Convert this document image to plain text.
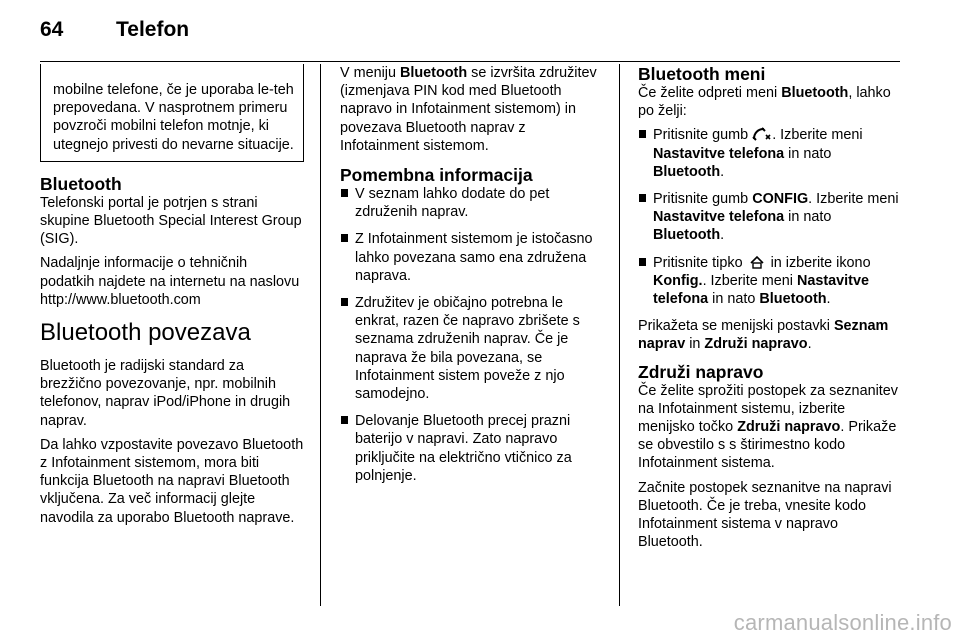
64	Telefon
mobilne telefone, če je uporaba le-teh prepovedana. V nasprotnem primeru povzroči mobilni telefon motnje, ki utegnejo privesti do nevarne situacije.
Bluetooth

Telefonski portal je potrjen s strani skupine Bluetooth Special Interest Group (SIG).

Nadaljnje informacije o tehničnih podatkih najdete na internetu na naslovu http://www.bluetooth.com

Bluetooth povezava

Bluetooth je radijski standard za brezžično povezovanje, npr. mobilnih telefonov, naprav iPod/iPhone in drugih naprav.

Da lahko vzpostavite povezavo Bluetooth z Infotainment sistemom, mora biti funkcija Bluetooth na napravi Bluetooth vključena. Za več informacij glejte navodila za uporabo Bluetooth naprave.

V meniju Bluetooth se izvršita združitev (izmenjava PIN kod med Bluetooth napravo in Infotainment sistemom) in povezava Bluetooth naprav z Infotainment sistemom.

Pomembna informacija
V seznam lahko dodate do pet združenih naprav.
Z Infotainment sistemom je istočasno lahko povezana samo ena združena naprava.
Združitev je običajno potrebna le enkrat, razen če napravo zbrišete s seznama združenih naprav. Če je naprava že bila povezana, se Infotainment sistem poveže z njo samodejno.
Delovanje Bluetooth precej prazni baterijo v napravi. Zato napravo priključite na električno vtičnico za polnjenje.
Bluetooth meni

Če želite odpreti meni Bluetooth, lahko po želji:

Pritisnite gumb . Izberite meni Nastavitve telefona in nato Bluetooth.
Pritisnite gumb CONFIG. Izberite meni Nastavitve telefona in nato Bluetooth.
Pritisnite tipko  in izberite ikono Konfig.. Izberite meni Nastavitve telefona in nato Bluetooth.

Prikažeta se menijski postavki Seznam naprav in Združi napravo.

Združi napravo

Če želite sprožiti postopek za seznanitev na Infotainment sistemu, izberite menijsko točko Združi napravo. Prikaže se obvestilo s s štirimestno kodo Infotainment sistema.

Začnite postopek seznanitve na napravi Bluetooth. Če je treba, vnesite kodo Infotainment sistema v napravo Bluetooth.

carmanualsonline.info
